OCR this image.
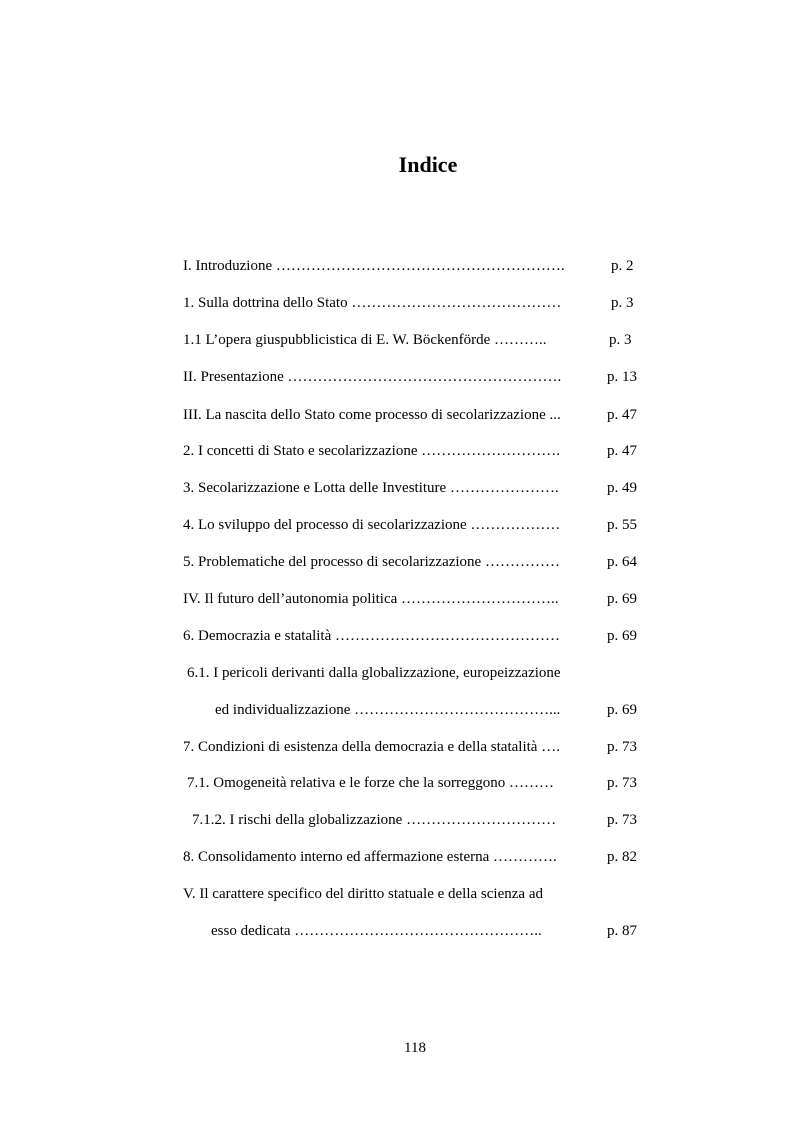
Indice
I. Introduzione ………………………………………………….	p. 2
1. Sulla dottrina dello Stato ……………………………………	p. 3
1.1 L’opera giuspubblicistica di E. W. Böckenförde ………..	p. 3
II. Presentazione ……………………………………………….	p. 13
III. La nascita dello Stato come processo di secolarizzazione ...	p. 47
2. I concetti di Stato e secolarizzazione ……………………….	p. 47
3. Secolarizzazione e Lotta delle Investiture ………………….	p. 49
4. Lo sviluppo del processo di secolarizzazione ………………	p. 55
5. Problematiche del processo di secolarizzazione ……………	p. 64
IV. Il futuro dell’autonomia politica …………………………..	p. 69
6. Democrazia e statalità ………………………………………	p. 69
6.1. I pericoli derivanti dalla globalizzazione, europeizzazione
ed individualizzazione …………………………………...	p. 69
7. Condizioni di esistenza della democrazia e della statalità ….	p. 73
7.1. Omogeneità relativa e le forze che la sorreggono ………	p. 73
7.1.2. I rischi della globalizzazione …………………………	p. 73
8. Consolidamento interno ed affermazione esterna ………….	p. 82
V. Il carattere specifico del diritto statuale e della scienza ad
esso dedicata …………………………………………..	p. 87
118
